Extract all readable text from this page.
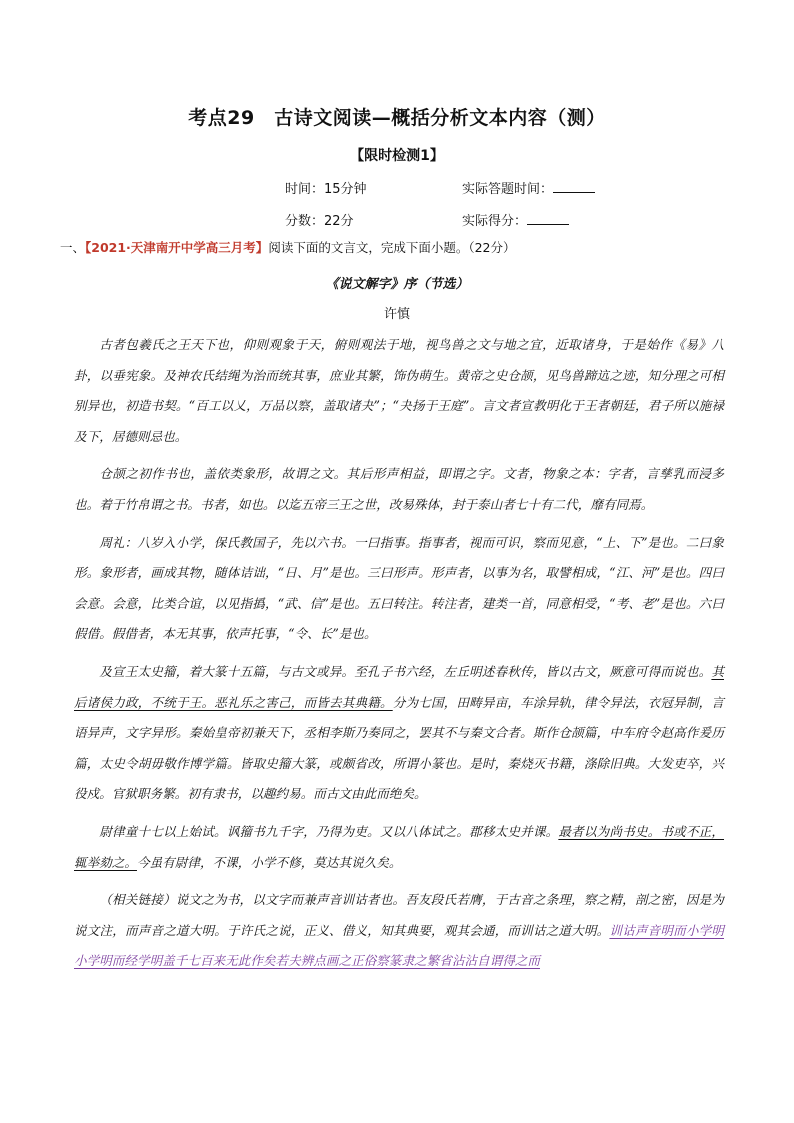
考点29　古诗文阅读—概括分析文本内容（测）
【限时检测1】
时间：15分钟	实际答题时间：
分数：22分	实际得分：
一、【2021·天津南开中学高三月考】阅读下面的文言文，完成下面小题。（22分）
《说文解字》序（节选）
许慎

古者包羲氏之王天下也，仰则观象于天，俯则观法于地，视鸟兽之文与地之宜，近取诸身，于是始作《易》八卦，以垂宪象。及神农氏结绳为治而统其事，庶业其繁，饰伪萌生。黄帝之史仓颉，见鸟兽蹄迒之迹，知分理之可相别异也，初造书契。“百工以乂，万品以察，盖取诸夬”；“夬扬于王庭”。言文者宣教明化于王者朝廷，君子所以施禄及下，居德则忌也。

仓颉之初作书也，盖依类象形，故谓之文。其后形声相益，即谓之字。文者，物象之本：字者，言孳乳而浸多也。着于竹帛谓之书。书者，如也。以迄五帝三王之世，改易殊体，封于泰山者七十有二代，靡有同焉。

周礼：八岁入小学，保氏教国子，先以六书。一曰指事。指事者，视而可识，察而见意，“上、下”是也。二曰象形。象形者，画成其物，随体诘诎，“日、月”是也。三曰形声。形声者，以事为名，取譬相成，“江、河”是也。四曰会意。会意，比类合谊，以见指撝，“武、信”是也。五曰转注。转注者，建类一首，同意相受，“考、老”是也。六曰假借。假借者，本无其事，依声托事，“令、长”是也。

及宣王太史籀，着大篆十五篇，与古文或异。至孔子书六经，左丘明述春秋传，皆以古文，厥意可得而说也。其后诸侯力政，不统于王。恶礼乐之害己，而皆去其典籍。分为七国，田畴异亩，车涂异轨，律令异法，衣冠异制，言语异声，文字异形。秦始皇帝初兼天下，丞相李斯乃奏同之，罢其不与秦文合者。斯作仓颉篇，中车府令赵高作爰历篇，太史令胡毋敬作博学篇。皆取史籀大篆，或颇省改，所谓小篆也。是时，秦烧灭书籍，涤除旧典。大发吏卒，兴役戍。官狱职务繁。初有隶书，以趣约易。而古文由此而绝矣。

尉律童十七以上始试。讽籀书九千字，乃得为吏。又以八体试之。郡移太史并课。最者以为尚书史。书或不正，辄举劾之。今虽有尉律，不课，小学不修，莫达其说久矣。

（相关链接）说文之为书，以文字而兼声音训诂者也。吾友段氏若膺，于古音之条理，察之精，剖之密，因是为说文注，而声音之道大明。于许氏之说，正义、借义，知其典要，观其会通，而训诂之道大明。训诂声音明而小学明小学明而经学明盖千七百来无此作矣若夫辨点画之正俗察篆隶之繁省沾沾自谓得之而
